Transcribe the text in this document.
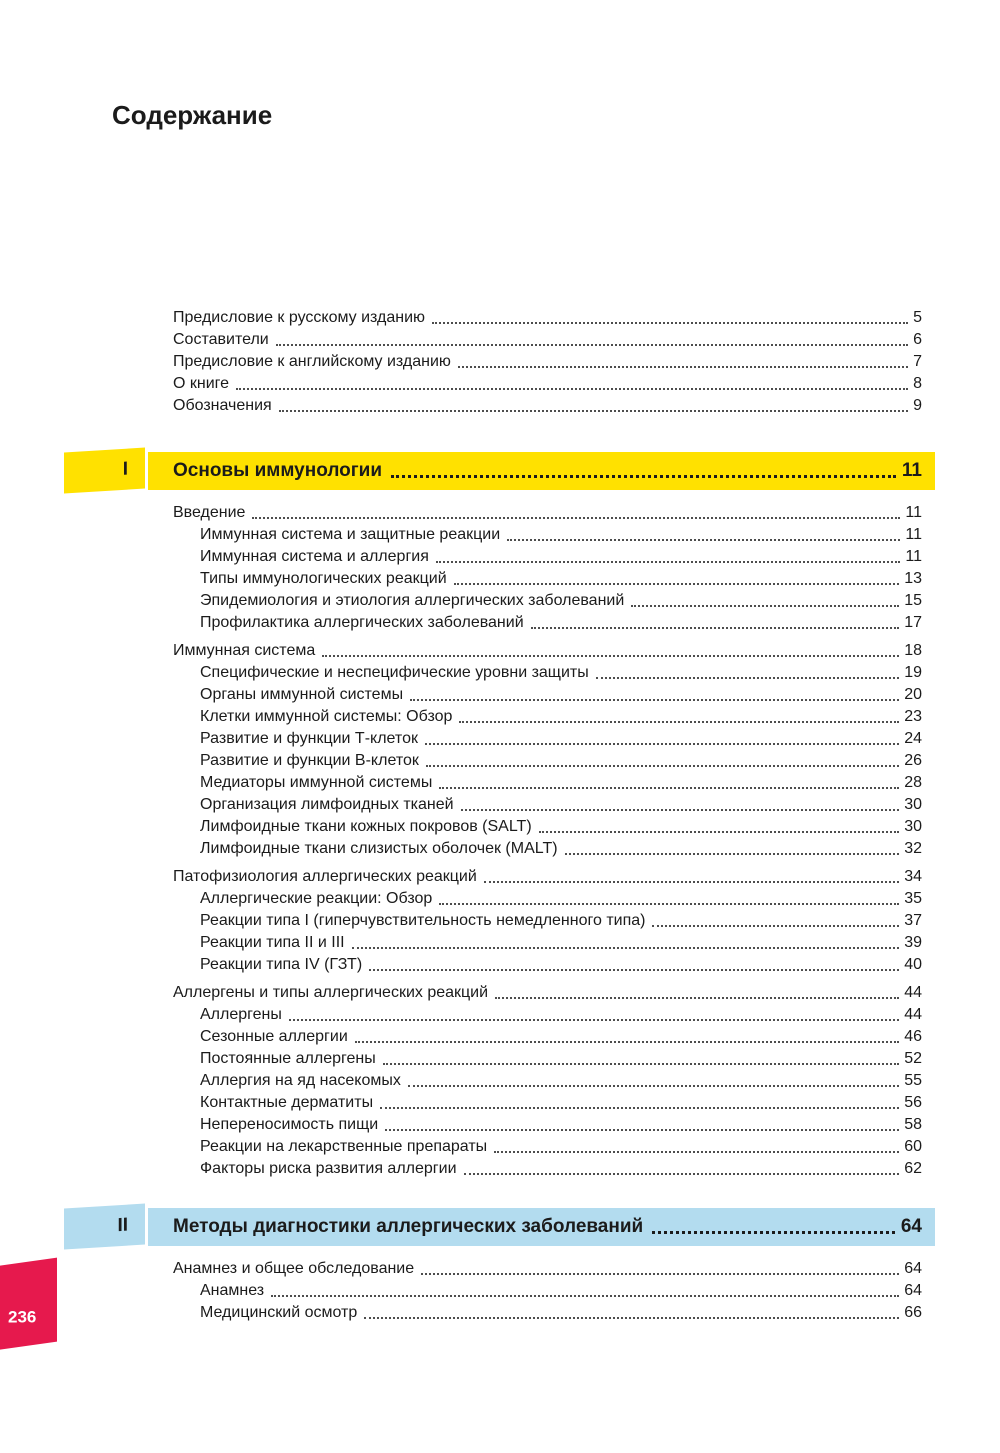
Содержание
Предисловие к русскому изданию	5
Составители	6
Предисловие к английскому изданию	7
О книге	8
Обозначения	9
I	Основы иммунологии	11
Введение	11
Иммунная система и защитные реакции	11
Иммунная система и аллергия	11
Типы иммунологических реакций	13
Эпидемиология и этиология аллергических заболеваний	15
Профилактика аллергических заболеваний	17
Иммунная система	18
Специфические и неспецифические уровни защиты	19
Органы иммунной системы	20
Клетки иммунной системы: Обзор	23
Развитие и функции Т-клеток	24
Развитие и функции В-клеток	26
Медиаторы иммунной системы	28
Организация лимфоидных тканей	30
Лимфоидные ткани кожных покровов (SALT)	30
Лимфоидные ткани слизистых оболочек (MALT)	32
Патофизиология аллергических реакций	34
Аллергические реакции: Обзор	35
Реакции типа I (гиперчувствительность немедленного типа)	37
Реакции типа II и III	39
Реакции типа IV (ГЗТ)	40
Аллергены и типы аллергических реакций	44
Аллергены	44
Сезонные аллергии	46
Постоянные аллергены	52
Аллергия на яд насекомых	55
Контактные дерматиты	56
Непереносимость пищи	58
Реакции на лекарственные препараты	60
Факторы риска развития аллергии	62
II	Методы диагностики аллергических заболеваний	64
Анамнез и общее обследование	64
Анамнез	64
Медицинский осмотр	66
236
